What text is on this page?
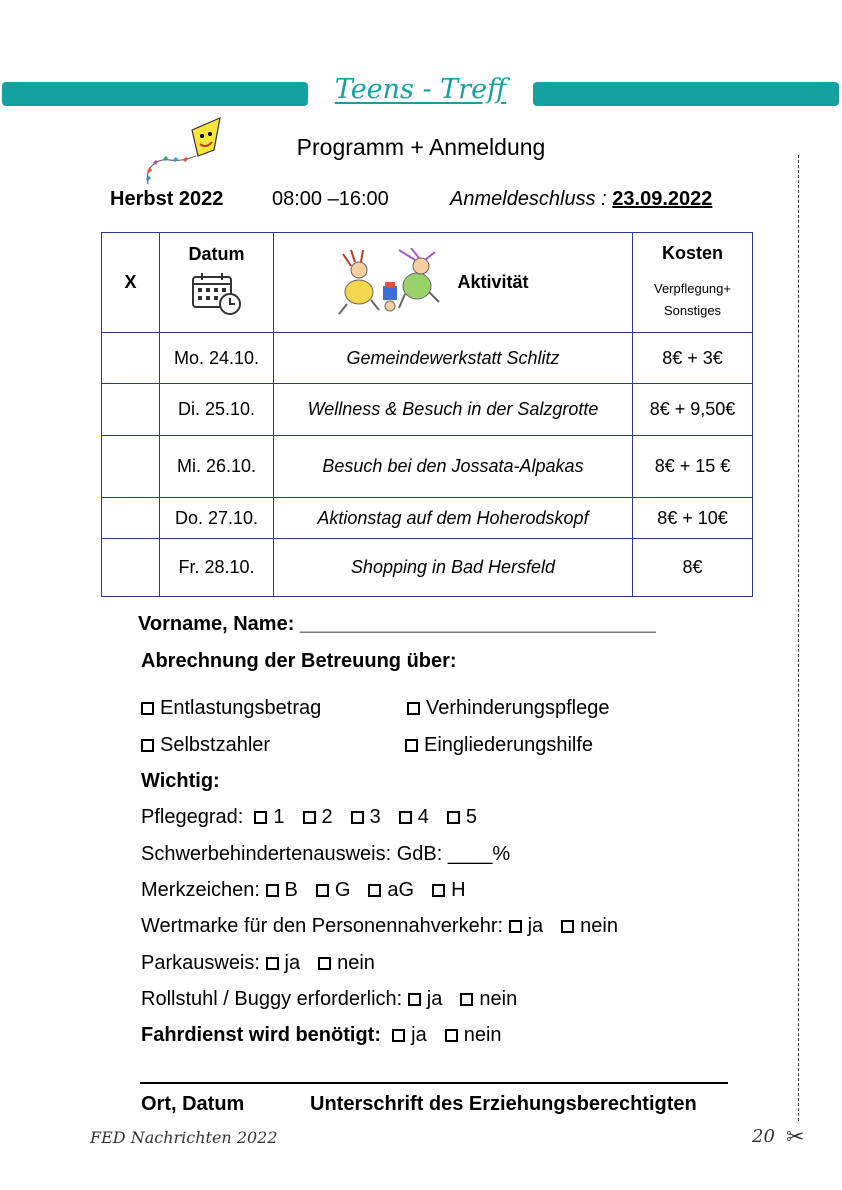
Teens - Treff
Programm + Anmeldung
Herbst 2022 08:00 –16:00	Anmeldeschluss : 23.09.2022
X	Datum	Aktivität	Kosten
Verpflegung+
Sonstiges

	Mo. 24.10.	Gemeindewerkstatt Schlitz	8€ + 3€
	Di. 25.10.	Wellness & Besuch in der Salzgrotte	8€ + 9,50€
	Mi. 26.10.	Besuch bei den Jossata-Alpakas	8€ + 15 €
	Do. 27.10.	Aktionstag auf dem Hoherodskopf	8€ + 10€
	Fr. 28.10.	Shopping in Bad Hersfeld	8€
Vorname, Name: ________________________________
Abrechnung der Betreuung über:
Entlastungsbetrag	Verhinderungspflege
Selbstzahler	Eingliederungshilfe
Wichtig:
Pflegegrad: 1 2 3 4 5
Schwerbehindertenausweis: GdB: ____%
Merkzeichen: B G aG H
Wertmarke für den Personennahverkehr: ja nein
Parkausweis: ja nein
Rollstuhl / Buggy erforderlich: ja nein
Fahrdienst wird benötigt: ja nein
Ort, Datum	Unterschrift des Erziehungsberechtigten
FED Nachrichten 2022	20 ✂
